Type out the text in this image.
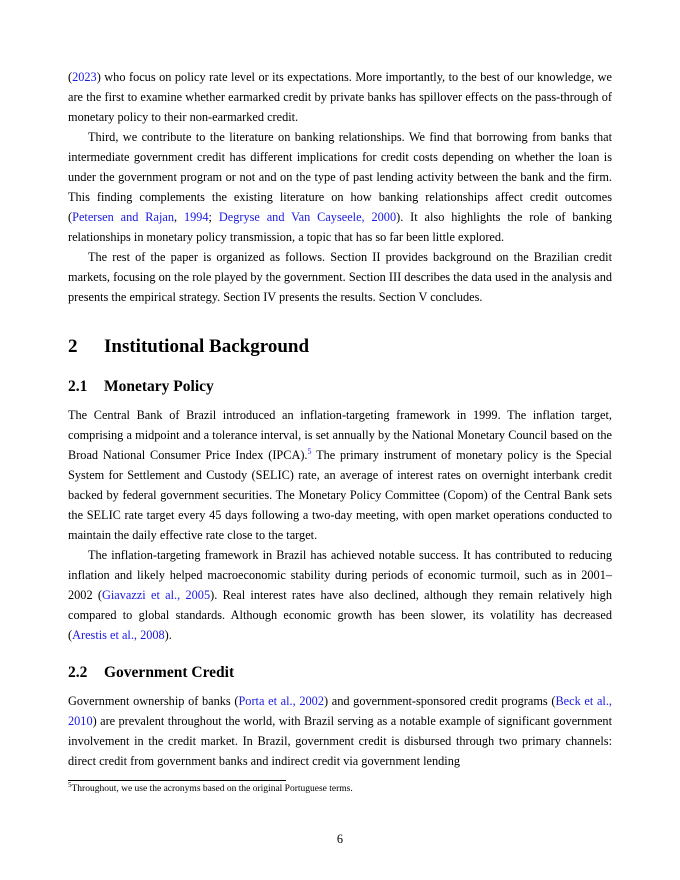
(2023) who focus on policy rate level or its expectations. More importantly, to the best of our knowledge, we are the first to examine whether earmarked credit by private banks has spillover effects on the pass-through of monetary policy to their non-earmarked credit.

Third, we contribute to the literature on banking relationships. We find that borrowing from banks that intermediate government credit has different implications for credit costs depending on whether the loan is under the government program or not and on the type of past lending activity between the bank and the firm. This finding complements the existing literature on how banking relationships affect credit outcomes (Petersen and Rajan, 1994; Degryse and Van Cayseele, 2000). It also highlights the role of banking relationships in monetary policy transmission, a topic that has so far been little explored.

The rest of the paper is organized as follows. Section II provides background on the Brazilian credit markets, focusing on the role played by the government. Section III describes the data used in the analysis and presents the empirical strategy. Section IV presents the results. Section V concludes.

2 Institutional Background
2.1 Monetary Policy

The Central Bank of Brazil introduced an inflation-targeting framework in 1999. The inflation target, comprising a midpoint and a tolerance interval, is set annually by the National Monetary Council based on the Broad National Consumer Price Index (IPCA).$^5$ The primary instrument of monetary policy is the Special System for Settlement and Custody (SELIC) rate, an average of interest rates on overnight interbank credit backed by federal government securities. The Monetary Policy Committee (Copom) of the Central Bank sets the SELIC rate target every 45 days following a two-day meeting, with open market operations conducted to maintain the daily effective rate close to the target.

The inflation-targeting framework in Brazil has achieved notable success. It has contributed to reducing inflation and likely helped macroeconomic stability during periods of economic turmoil, such as in 2001–2002 (Giavazzi et al., 2005). Real interest rates have also declined, although they remain relatively high compared to global standards. Although economic growth has been slower, its volatility has decreased (Arestis et al., 2008).

2.2 Government Credit

Government ownership of banks (Porta et al., 2002) and government-sponsored credit programs (Beck et al., 2010) are prevalent throughout the world, with Brazil serving as a notable example of significant government involvement in the credit market. In Brazil, government credit is disbursed through two primary channels: direct credit from government banks and indirect credit via government lending

$^5$Throughout, we use the acronyms based on the original Portuguese terms.
6
